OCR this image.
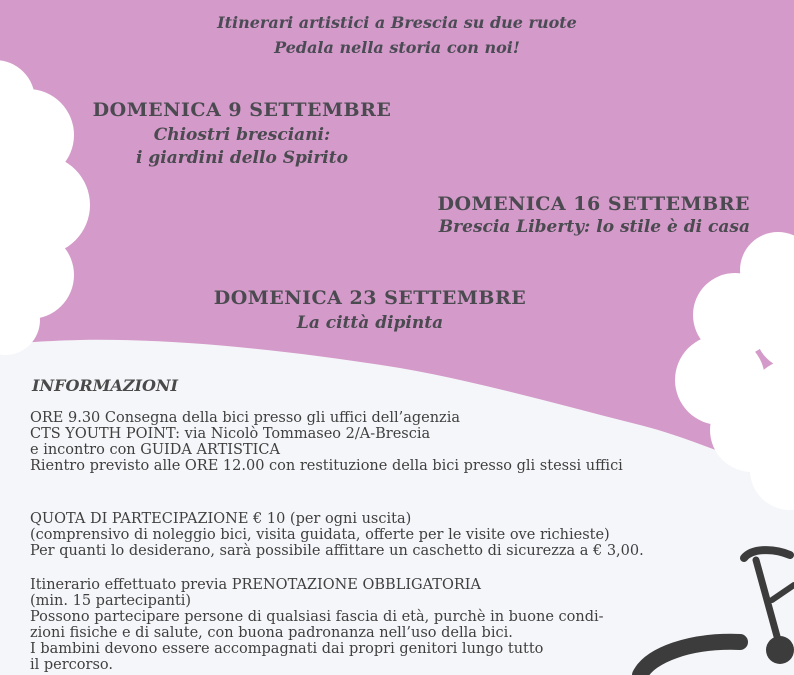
Itinerari artistici a Brescia su due ruote

Pedala nella storia con noi!

DOMENICA 9 SETTEMBRE
Chiostri bresciani:
i giardini dello Spirito
DOMENICA 16 SETTEMBRE
Brescia Liberty: lo stile è di casa
DOMENICA 23 SETTEMBRE
La città dipinta
INFORMAZIONI
ORE 9.30 Consegna della bici presso gli uffici dell’agenzia
CTS YOUTH POINT: via Nicolò Tommaseo 2/A-Brescia
e incontro con GUIDA ARTISTICA
Rientro previsto alle ORE 12.00 con restituzione della bici presso gli stessi uffici
QUOTA DI PARTECIPAZIONE € 10 (per ogni uscita)
(comprensivo di noleggio bici, visita guidata, offerte per le visite ove richieste)
Per quanti lo desiderano, sarà possibile affittare un caschetto di sicurezza a € 3,00.
Itinerario effettuato previa PRENOTAZIONE OBBLIGATORIA
(min. 15 partecipanti)
Possono partecipare persone di qualsiasi fascia di età, purchè in buone condi-
zioni fisiche e di salute, con buona padronanza nell’uso della bici.
I bambini devono essere accompagnati dai propri genitori lungo tutto
il percorso.
